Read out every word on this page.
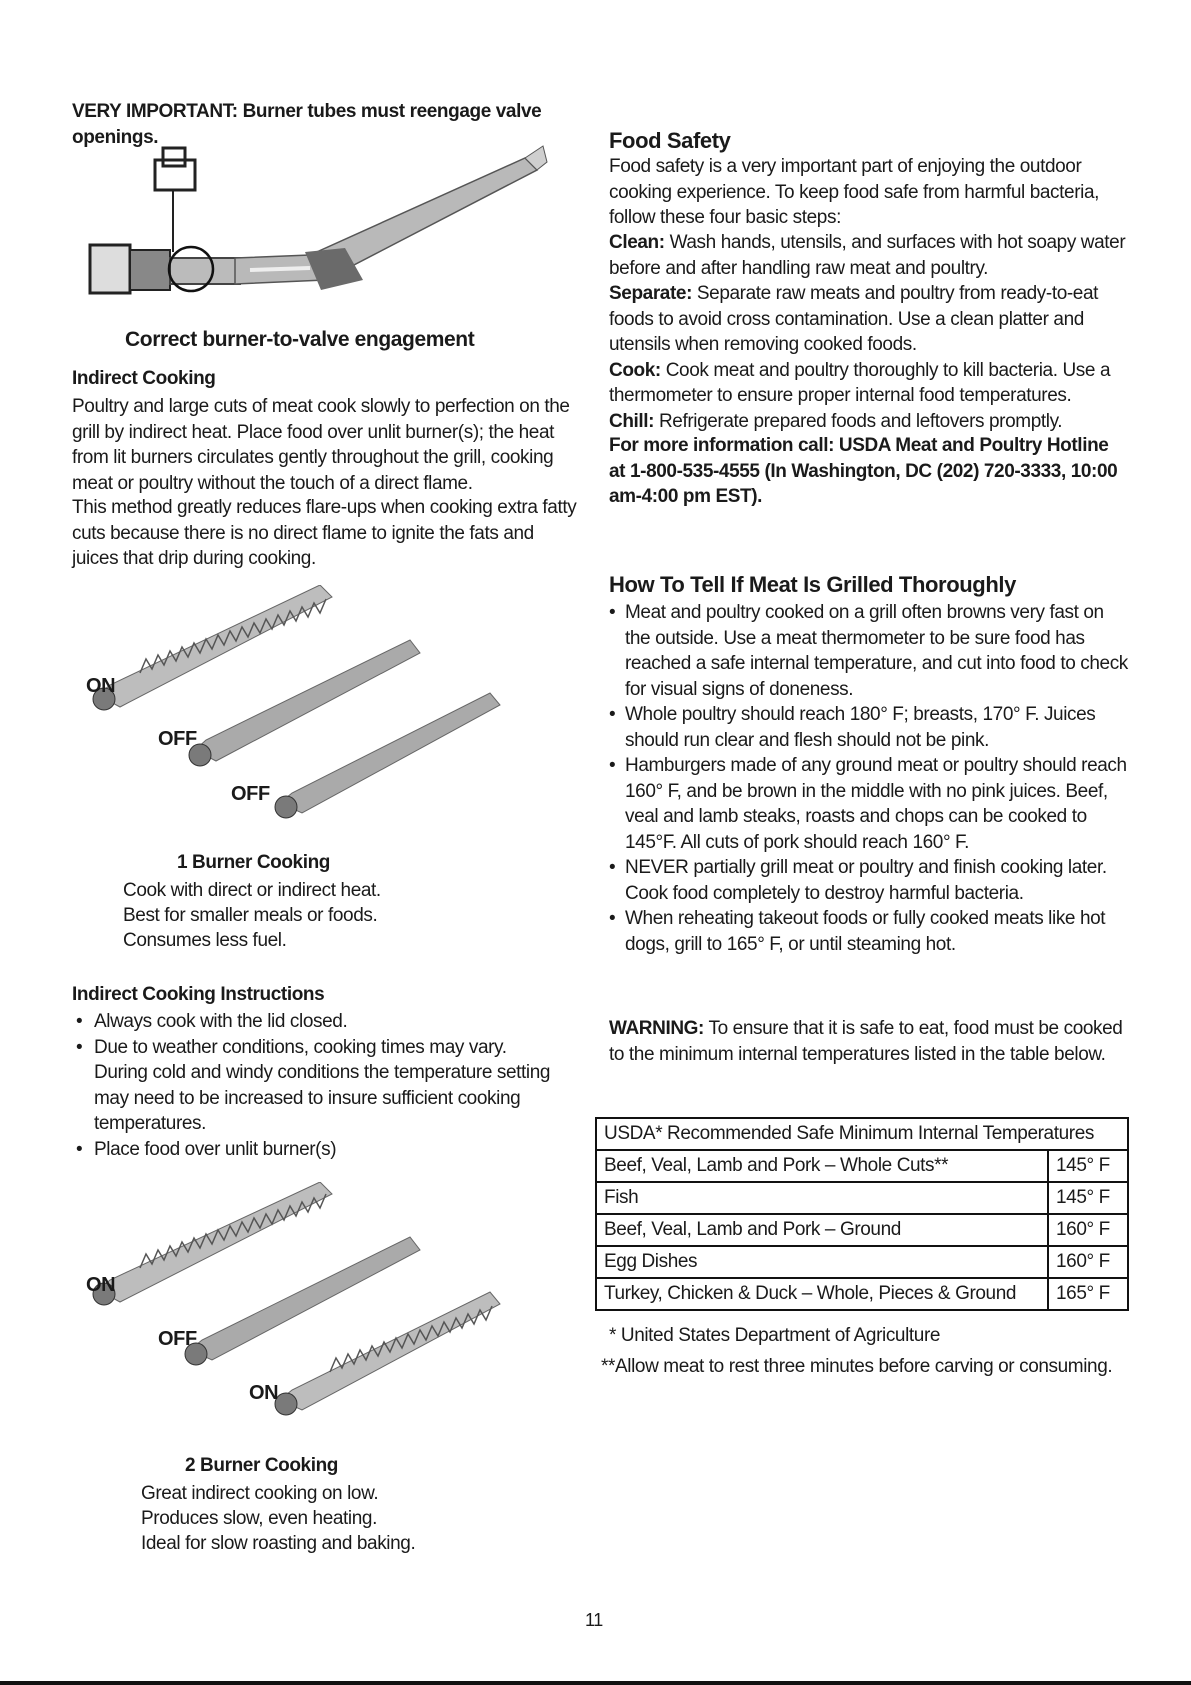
VERY IMPORTANT: Burner tubes must reengage valve openings.
Correct burner-to-valve engagement
Indirect Cooking
Poultry and large cuts of meat cook slowly to perfection on the grill by indirect heat. Place food over unlit burner(s); the heat from lit burners circulates gently throughout the grill, cooking meat or poultry without the touch of a direct flame.
This method greatly reduces flare-ups when cooking extra fatty cuts because there is no direct flame to ignite the fats and juices that drip during cooking.
ON
OFF
OFF
1 Burner Cooking
Cook with direct or indirect heat.
Best for smaller meals or foods.
Consumes less fuel.
Indirect Cooking Instructions
• Always cook with the lid closed.
• Due to weather conditions, cooking times may vary. During cold and windy conditions the temperature setting may need to be increased to insure sufficient cooking temperatures.
• Place food over unlit burner(s)
ON
OFF
ON
2 Burner Cooking
Great indirect cooking on low.
Produces slow, even heating.
Ideal for slow roasting and baking.
Food Safety
Food safety is a very important part of enjoying the outdoor cooking experience. To keep food safe from harmful bacteria, follow these four basic steps:
Clean: Wash hands, utensils, and surfaces with hot soapy water before and after handling raw meat and poultry.
Separate: Separate raw meats and poultry from ready-to-eat foods to avoid cross contamination. Use a clean platter and utensils when removing cooked foods.
Cook: Cook meat and poultry thoroughly to kill bacteria. Use a thermometer to ensure proper internal food temperatures.
Chill: Refrigerate prepared foods and leftovers promptly.
For more information call: USDA Meat and Poultry Hotline at 1-800-535-4555 (In Washington, DC (202) 720-3333, 10:00 am-4:00 pm EST).
How To Tell If Meat Is Grilled Thoroughly
• Meat and poultry cooked on a grill often browns very fast on the outside. Use a meat thermometer to be sure food has reached a safe internal temperature, and cut into food to check for visual signs of doneness.
• Whole poultry should reach 180° F; breasts, 170° F. Juices should run clear and flesh should not be pink.
• Hamburgers made of any ground meat or poultry should reach 160° F, and be brown in the middle with no pink juices. Beef, veal and lamb steaks, roasts and chops can be cooked to 145°F. All cuts of pork should reach 160° F.
• NEVER partially grill meat or poultry and finish cooking later. Cook food completely to destroy harmful bacteria.
• When reheating takeout foods or fully cooked meats like hot dogs, grill to 165° F, or until steaming hot.
WARNING: To ensure that it is safe to eat, food must be cooked to the minimum internal temperatures listed in the table below.
USDA* Recommended Safe Minimum Internal Temperatures	
Beef, Veal, Lamb and Pork – Whole Cuts**	145° F
Fish	145° F
Beef, Veal, Lamb and Pork – Ground	160° F
Egg Dishes	160° F
Turkey, Chicken & Duck – Whole, Pieces & Ground	165° F
* United States Department of Agriculture
**Allow meat to rest three minutes before carving or consuming.
11
